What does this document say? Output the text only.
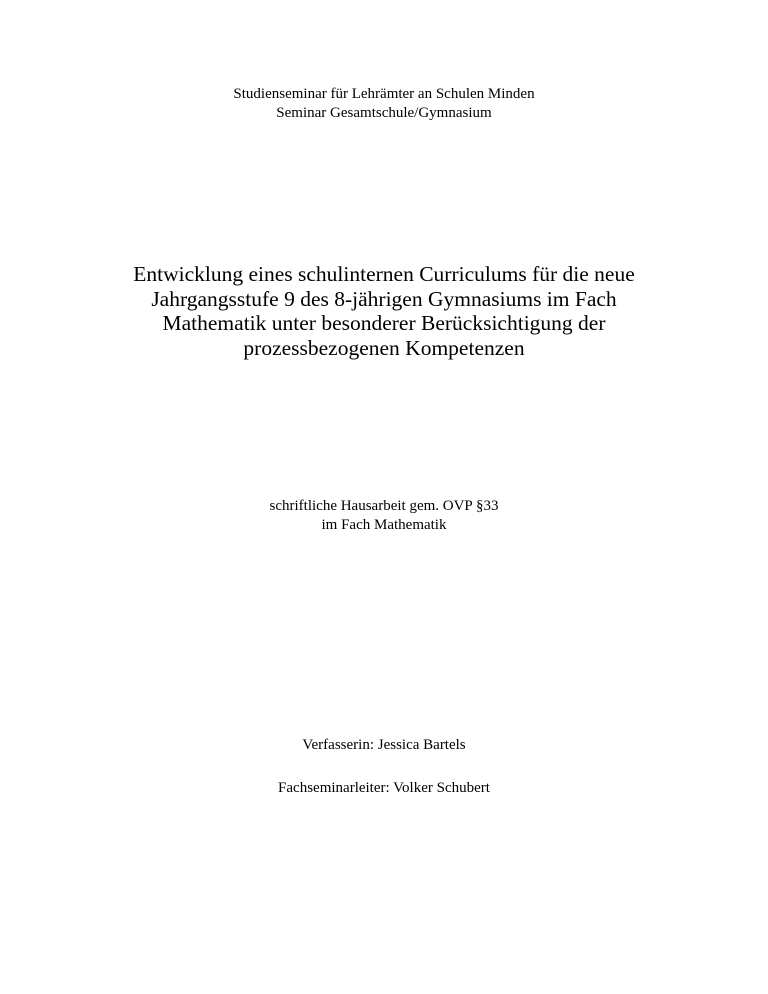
Studienseminar für Lehrämter an Schulen Minden
Seminar Gesamtschule/Gymnasium
Entwicklung eines schulinternen Curriculums für die neue
Jahrgangsstufe 9 des 8-jährigen Gymnasiums im Fach
Mathematik unter besonderer Berücksichtigung der
prozessbezogenen Kompetenzen
schriftliche Hausarbeit gem. OVP §33
im Fach Mathematik
Verfasserin: Jessica Bartels
Fachseminarleiter: Volker Schubert
